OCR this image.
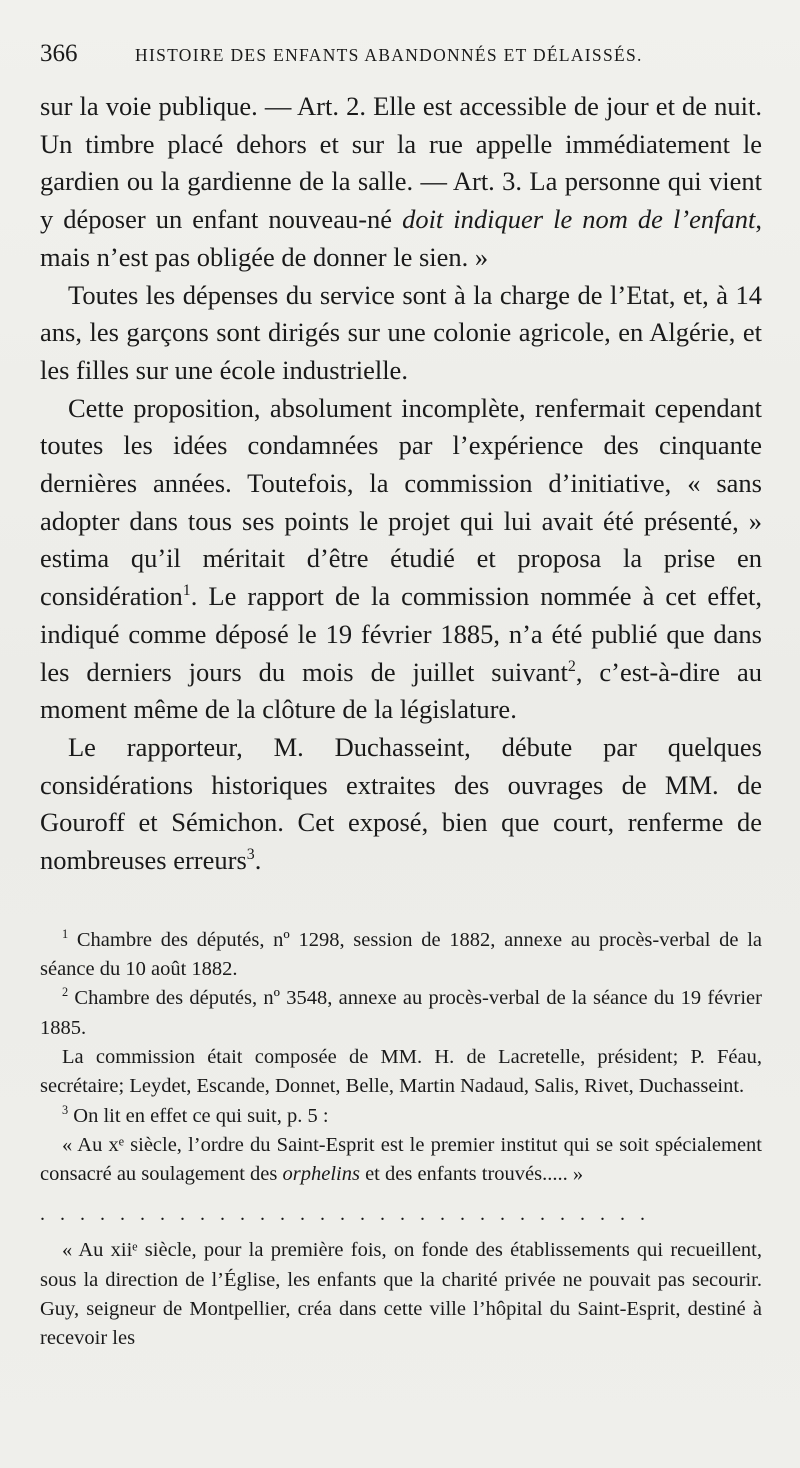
366	HISTOIRE DES ENFANTS ABANDONNÉS ET DÉLAISSÉS.

sur la voie publique. — Art. 2. Elle est accessible de jour et de nuit. Un timbre placé dehors et sur la rue appelle immédiatement le gardien ou la gardienne de la salle. — Art. 3. La personne qui vient y déposer un enfant nouveau-né doit indiquer le nom de l’enfant, mais n’est pas obligée de donner le sien. »

Toutes les dépenses du service sont à la charge de l’Etat, et, à 14 ans, les garçons sont dirigés sur une colonie agricole, en Algérie, et les filles sur une école industrielle.

Cette proposition, absolument incomplète, renfermait cependant toutes les idées condamnées par l’expérience des cinquante dernières années. Toutefois, la commission d’initiative, « sans adopter dans tous ses points le projet qui lui avait été présenté, » estima qu’il méritait d’être étudié et proposa la prise en considération$^1$. Le rapport de la commission nommée à cet effet, indiqué comme déposé le 19 février 1885, n’a été publié que dans les derniers jours du mois de juillet suivant$^2$, c’est-à-dire au moment même de la clôture de la législature.

Le rapporteur, M. Duchasseint, débute par quelques considérations historiques extraites des ouvrages de MM. de Gouroff et Sémichon. Cet exposé, bien que court, renferme de nombreuses erreurs$^3$.

$^1$ Chambre des députés, nº 1298, session de 1882, annexe au procès-verbal de la séance du 10 août 1882.

$^2$ Chambre des députés, nº 3548, annexe au procès-verbal de la séance du 19 février 1885.

La commission était composée de MM. H. de Lacretelle, président; P. Féau, secrétaire; Leydet, Escande, Donnet, Belle, Martin Nadaud, Salis, Rivet, Duchasseint.

$^3$ On lit en effet ce qui suit, p. 5 :

« Au xᵉ siècle, l’ordre du Saint-Esprit est le premier institut qui se soit spécialement consacré au soulagement des orphelins et des enfants trouvés..... »

...............................

« Au xiiᵉ siècle, pour la première fois, on fonde des établissements qui recueillent, sous la direction de l’Église, les enfants que la charité privée ne pouvait pas secourir. Guy, seigneur de Montpellier, créa dans cette ville l’hôpital du Saint-Esprit, destiné à recevoir les
